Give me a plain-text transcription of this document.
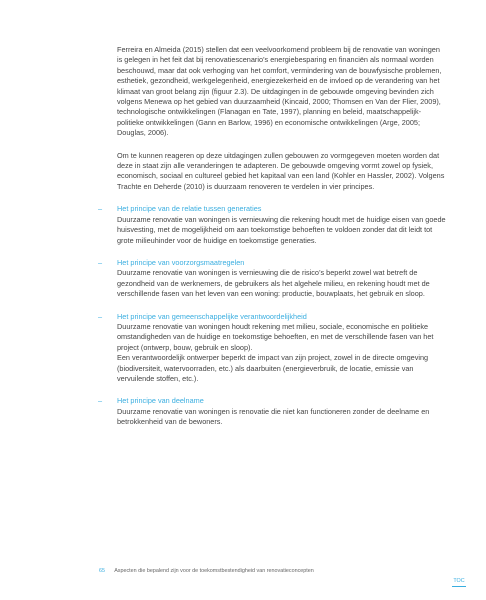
Ferreira en Almeida (2015) stellen dat een veelvoorkomend probleem bij de renovatie van woningen is gelegen in het feit dat bij renovatiescenario’s energiebesparing en financiën als normaal worden beschouwd, maar dat ook verhoging van het comfort, vermindering van de bouwfysische problemen, esthetiek, gezondheid, werkgelegenheid, energiezekerheid en de invloed op de verandering van het klimaat van groot belang zijn (figuur 2.3). De uitdagingen in de gebouwde omgeving bevinden zich volgens Menewa op het gebied van duurzaamheid (Kincaid, 2000; Thomsen en Van der Flier, 2009), technologische ontwikkelingen (Flanagan en Tate, 1997), planning en beleid, maatschappelijk-politieke ontwikkelingen (Gann en Barlow, 1996) en economische ontwikkelingen (Arge, 2005; Douglas, 2006).

Om te kunnen reageren op deze uitdagingen zullen gebouwen zo vormgegeven moeten worden dat deze in staat zijn alle veranderingen te adapteren. De gebouwde omgeving vormt zowel op fysiek, economisch, sociaal en cultureel gebied het kapitaal van een land (Kohler en Hassler, 2002). Volgens Trachte en Deherde (2010) is duurzaam renoveren te verdelen in vier principes.

– Het principe van de relatie tussen generaties
Duurzame renovatie van woningen is vernieuwing die rekening houdt met de huidige eisen van goede huisvesting, met de mogelijkheid om aan toekomstige behoeften te voldoen zonder dat dit leidt tot grote milieuhinder voor de huidige en toekomstige generaties.
– Het principe van voorzorgsmaatregelen
Duurzame renovatie van woningen is vernieuwing die de risico’s beperkt zowel wat betreft de gezondheid van de werknemers, de gebruikers als het algehele milieu, en rekening houdt met de verschillende fasen van het leven van een woning: productie, bouwplaats, het gebruik en sloop.
– Het principe van gemeenschappelijke verantwoordelijkheid
Duurzame renovatie van woningen houdt rekening met milieu, sociale, economische en politieke omstandigheden van de huidige en toekomstige behoeften, en met de verschillende fasen van het project (ontwerp, bouw, gebruik en sloop).
Een verantwoordelijk ontwerper beperkt de impact van zijn project, zowel in de directe omgeving (biodiversiteit, watervoorraden, etc.) als daarbuiten (energieverbruik, de locatie, emissie van vervuilende stoffen, etc.).
– Het principe van deelname
Duurzame renovatie van woningen is renovatie die niet kan functioneren zonder de deelname en betrokkenheid van de bewoners.
65 Aspecten die bepalend zijn voor de toekomstbestendigheid van renovatieconcepten
TOC
